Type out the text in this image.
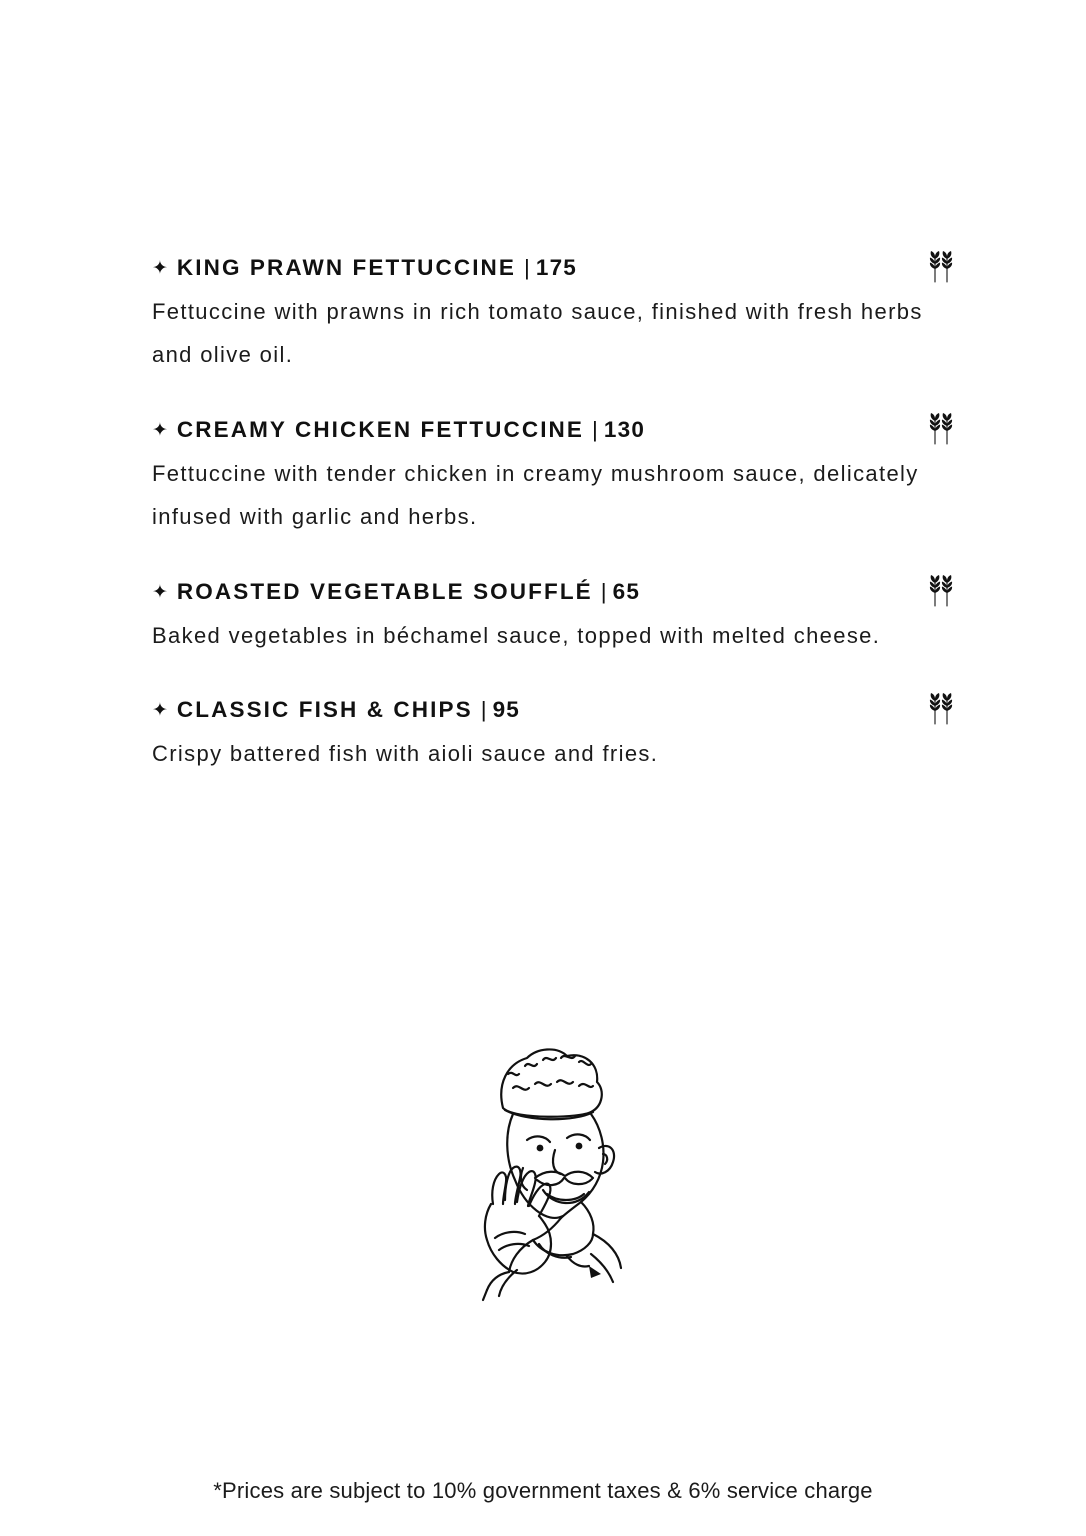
✦ KING PRAWN FETTUCCINE | 175
Fettuccine with prawns in rich tomato sauce, finished with fresh herbs and olive oil.
✦ CREAMY CHICKEN FETTUCCINE | 130
Fettuccine with tender chicken in creamy mushroom sauce, delicately infused with garlic and herbs.
✦ ROASTED VEGETABLE SOUFFLÉ | 65
Baked vegetables in béchamel sauce, topped with melted cheese.
✦ CLASSIC FISH & CHIPS | 95
Crispy battered fish with aioli sauce and fries.
*Prices are subject to 10% government taxes & 6% service charge
